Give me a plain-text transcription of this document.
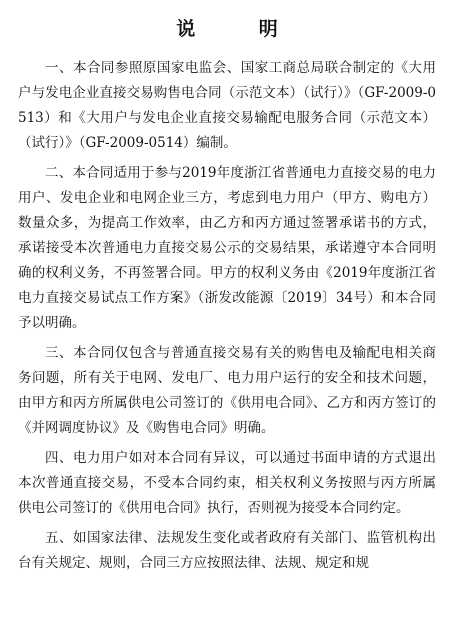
说 明

一、本合同参照原国家电监会、国家工商总局联合制定的《大用户与发电企业直接交易购售电合同（示范文本）（试行）》（GF-2009-0513）和《大用户与发电企业直接交易输配电服务合同（示范文本）（试行）》（GF-2009-0514）编制。

二、本合同适用于参与2019年度浙江省普通电力直接交易的电力用户、发电企业和电网企业三方，考虑到电力用户（甲方、购电方）数量众多，为提高工作效率，由乙方和丙方通过签署承诺书的方式，承诺接受本次普通电力直接交易公示的交易结果，承诺遵守本合同明确的权利义务，不再签署合同。甲方的权利义务由《2019年度浙江省电力直接交易试点工作方案》（浙发改能源〔2019〕34号）和本合同予以明确。

三、本合同仅包含与普通直接交易有关的购售电及输配电相关商务问题，所有关于电网、发电厂、电力用户运行的安全和技术问题，由甲方和丙方所属供电公司签订的《供用电合同》、乙方和丙方签订的《并网调度协议》及《购售电合同》明确。

四、电力用户如对本合同有异议，可以通过书面申请的方式退出本次普通直接交易，不受本合同约束，相关权利义务按照与丙方所属供电公司签订的《供用电合同》执行，否则视为接受本合同约定。

五、如国家法律、法规发生变化或者政府有关部门、监管机构出台有关规定、规则，合同三方应按照法律、法规、规定和规
